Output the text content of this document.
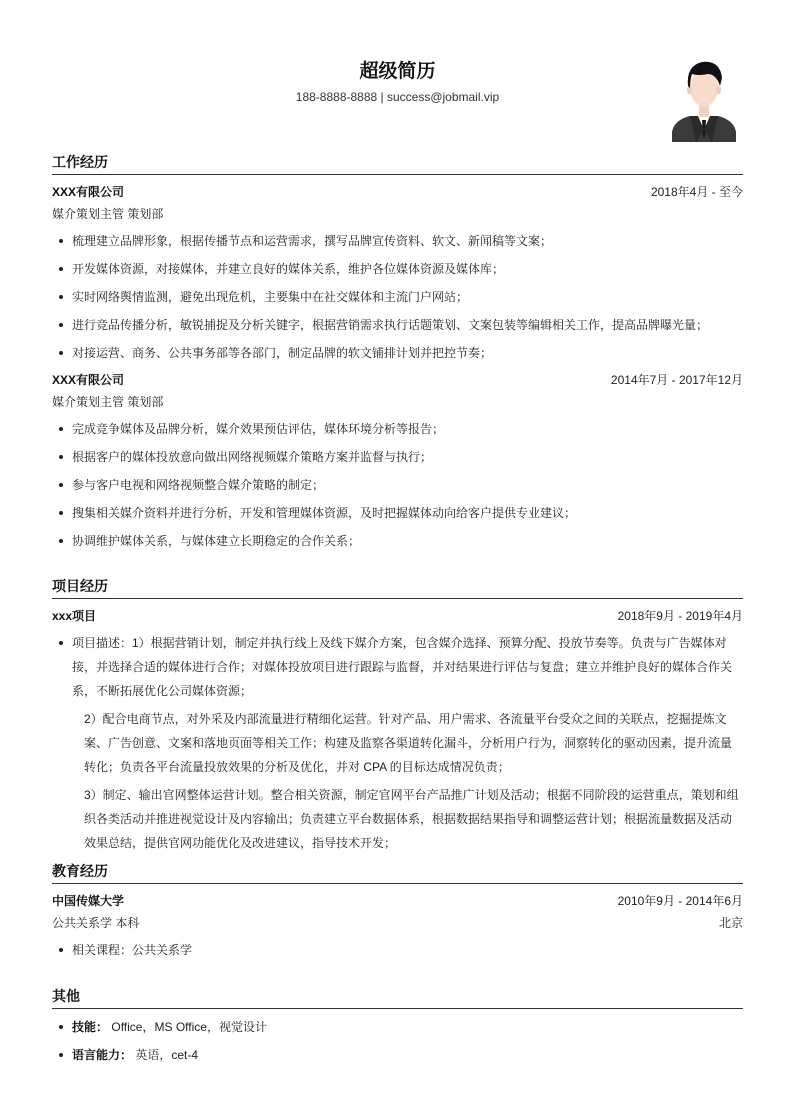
超级简历
188-8888-8888 | success@jobmail.vip
工作经历
XXX有限公司	2018年4月 - 至今
媒介策划主管 策划部
梳理建立品牌形象，根据传播节点和运营需求，撰写品牌宣传资料、软文、新闻稿等文案；
开发媒体资源，对接媒体，并建立良好的媒体关系，维护各位媒体资源及媒体库；
实时网络舆情监测，避免出现危机，主要集中在社交媒体和主流门户网站；
进行竞品传播分析，敏锐捕捉及分析关键字，根据营销需求执行话题策划、文案包装等编辑相关工作，提高品牌曝光量；
对接运营、商务、公共事务部等各部门，制定品牌的软文铺排计划并把控节奏；
XXX有限公司	2014年7月 - 2017年12月
媒介策划主管 策划部
完成竞争媒体及品牌分析，媒介效果预估评估，媒体环境分析等报告；
根据客户的媒体投放意向做出网络视频媒介策略方案并监督与执行；
参与客户电视和网络视频整合媒介策略的制定；
搜集相关媒介资料并进行分析，开发和管理媒体资源，及时把握媒体动向给客户提供专业建议；
协调维护媒体关系，与媒体建立长期稳定的合作关系；
项目经历
xxx项目	2018年9月 - 2019年4月
项目描述：1）根据营销计划，制定并执行线上及线下媒介方案，包含媒介选择、预算分配、投放节奏等。负责与广告媒体对接，并选择合适的媒体进行合作；对媒体投放项目进行跟踪与监督，并对结果进行评估与复盘；建立并维护良好的媒体合作关系，不断拓展优化公司媒体资源；
2）配合电商节点，对外采及内部流量进行精细化运营。针对产品、用户需求、各流量平台受众之间的关联点，挖掘提炼文案、广告创意、文案和落地页面等相关工作；构建及监察各渠道转化漏斗，分析用户行为，洞察转化的驱动因素，提升流量转化；负责各平台流量投放效果的分析及优化，并对 CPA 的目标达成情况负责；
3）制定、输出官网整体运营计划。整合相关资源，制定官网平台产品推广计划及活动；根据不同阶段的运营重点，策划和组织各类活动并推进视觉设计及内容输出；负责建立平台数据体系，根据数据结果指导和调整运营计划；根据流量数据及活动效果总结，提供官网功能优化及改进建议，指导技术开发；
教育经历
中国传媒大学	2010年9月 - 2014年6月
公共关系学 本科	北京
相关课程：公共关系学
其他
技能： Office，MS Office，视觉设计
语言能力： 英语，cet-4
